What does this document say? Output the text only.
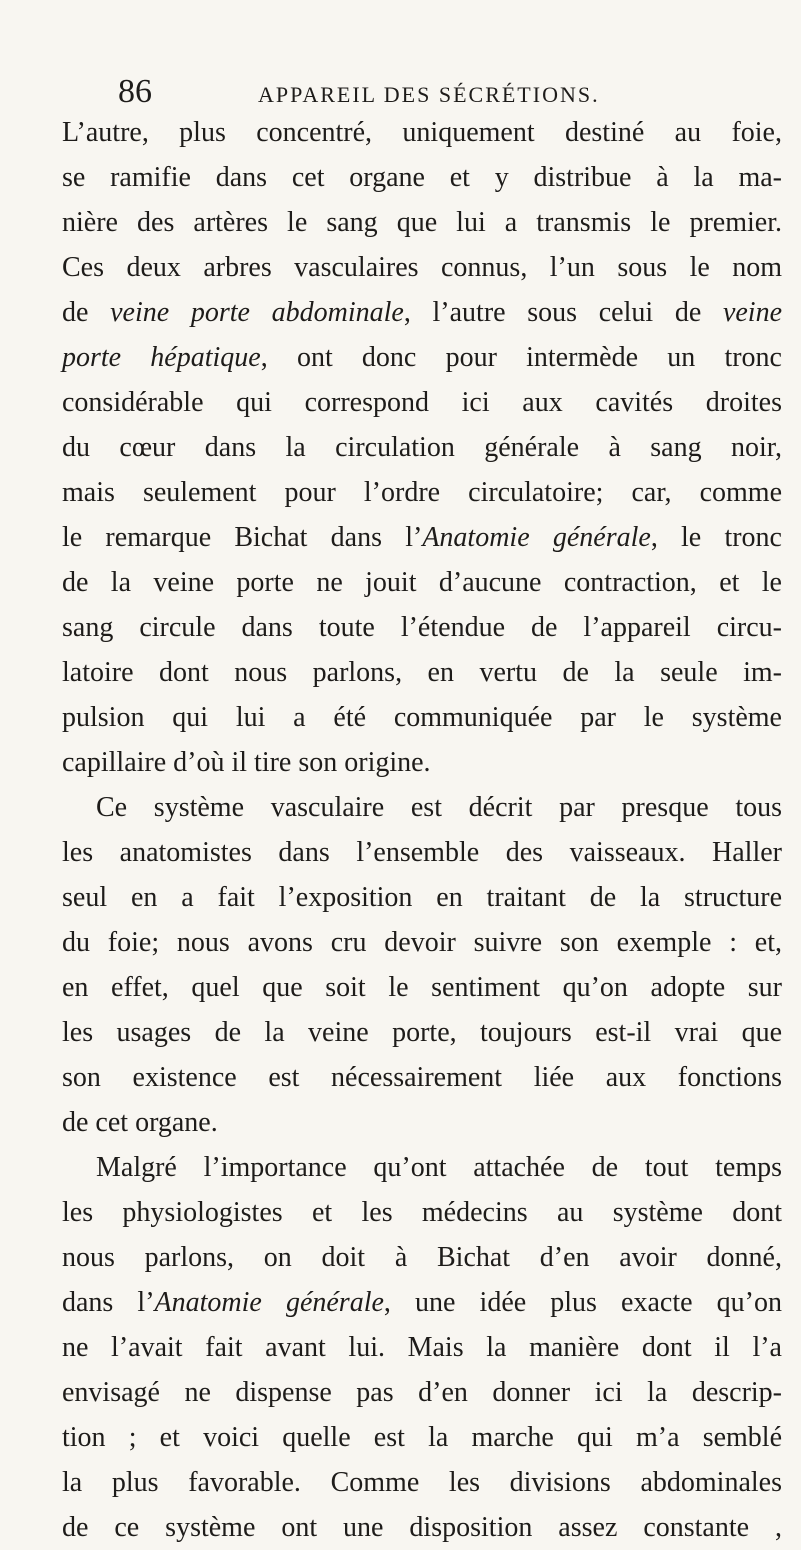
86	APPAREIL DES SÉCRÉTIONS.
L’autre, plus concentré, uniquement destiné au foie,
se ramifie dans cet organe et y distribue à la ma-
nière des artères le sang que lui a transmis le premier.
Ces deux arbres vasculaires connus, l’un sous le nom
de veine porte abdominale, l’autre sous celui de veine
porte hépatique, ont donc pour intermède un tronc
considérable qui correspond ici aux cavités droites
du cœur dans la circulation générale à sang noir,
mais seulement pour l’ordre circulatoire; car, comme
le remarque Bichat dans l’Anatomie générale, le tronc
de la veine porte ne jouit d’aucune contraction, et le
sang circule dans toute l’étendue de l’appareil circu-
latoire dont nous parlons, en vertu de la seule im-
pulsion qui lui a été communiquée par le système
capillaire d’où il tire son origine.
Ce système vasculaire est décrit par presque tous
les anatomistes dans l’ensemble des vaisseaux. Haller
seul en a fait l’exposition en traitant de la structure
du foie; nous avons cru devoir suivre son exemple : et,
en effet, quel que soit le sentiment qu’on adopte sur
les usages de la veine porte, toujours est-il vrai que
son existence est nécessairement liée aux fonctions
de cet organe.
Malgré l’importance qu’ont attachée de tout temps
les physiologistes et les médecins au système dont
nous parlons, on doit à Bichat d’en avoir donné,
dans l’Anatomie générale, une idée plus exacte qu’on
ne l’avait fait avant lui. Mais la manière dont il l’a
envisagé ne dispense pas d’en donner ici la descrip-
tion ; et voici quelle est la marche qui m’a semblé
la plus favorable. Comme les divisions abdominales
de ce système ont une disposition assez constante ,
